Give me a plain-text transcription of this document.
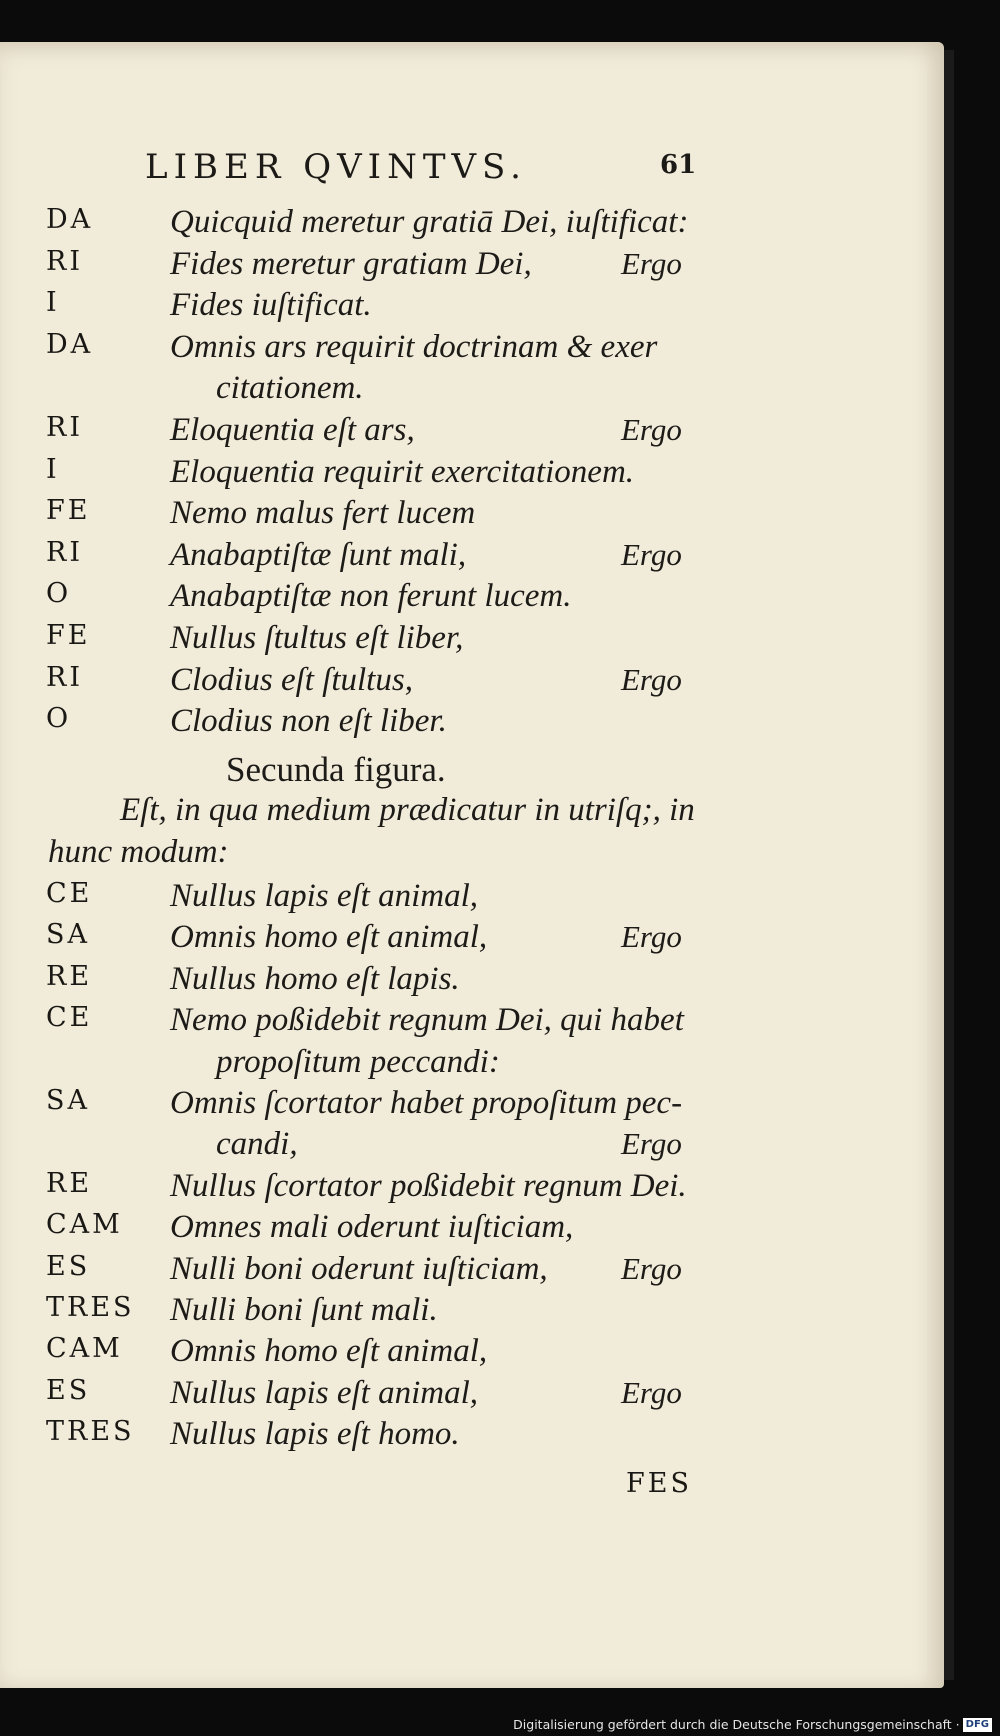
LIBER QVINTVS.	61
DA Quicquid meretur gratiā Dei, iuſtificat:
RI	Fides meretur gratiam Dei,	Ergo
I	Fides iuſtificat.
DA Omnis ars requirit doctrinam & exer
citationem.
RI	Eloquentia eſt ars,	Ergo
I	Eloquentia requirit exercitationem.
FE Nemo malus fert lucem
RI	Anabaptiſtæ ſunt mali,	Ergo
O	Anabaptiſtæ non ferunt lucem.
FE Nullus ſtultus eſt liber,
RI	Clodius eſt ſtultus,	Ergo
O	Clodius non eſt liber.
Secunda figura.
Eſt, in qua medium prædicatur in utriſq;, in
hunc modum:
CE Nullus lapis eſt animal,
SA Omnis homo eſt animal,	Ergo
RE Nullus homo eſt lapis.
CE Nemo poßidebit regnum Dei, qui habet
propoſitum peccandi:
SA Omnis ſcortator habet propoſitum pec-
candi,	Ergo
RE Nullus ſcortator poßidebit regnum Dei.
CAM Omnes mali oderunt iuſticiam,
ES Nulli boni oderunt iuſticiam, Ergo
TRES Nulli boni ſunt mali.
CAM Omnis homo eſt animal,
ES Nullus lapis eſt animal,	Ergo
TRES Nullus lapis eſt homo.
FES
Digitalisierung gefördert durch die Deutsche Forschungsgemeinschaft · DFG
